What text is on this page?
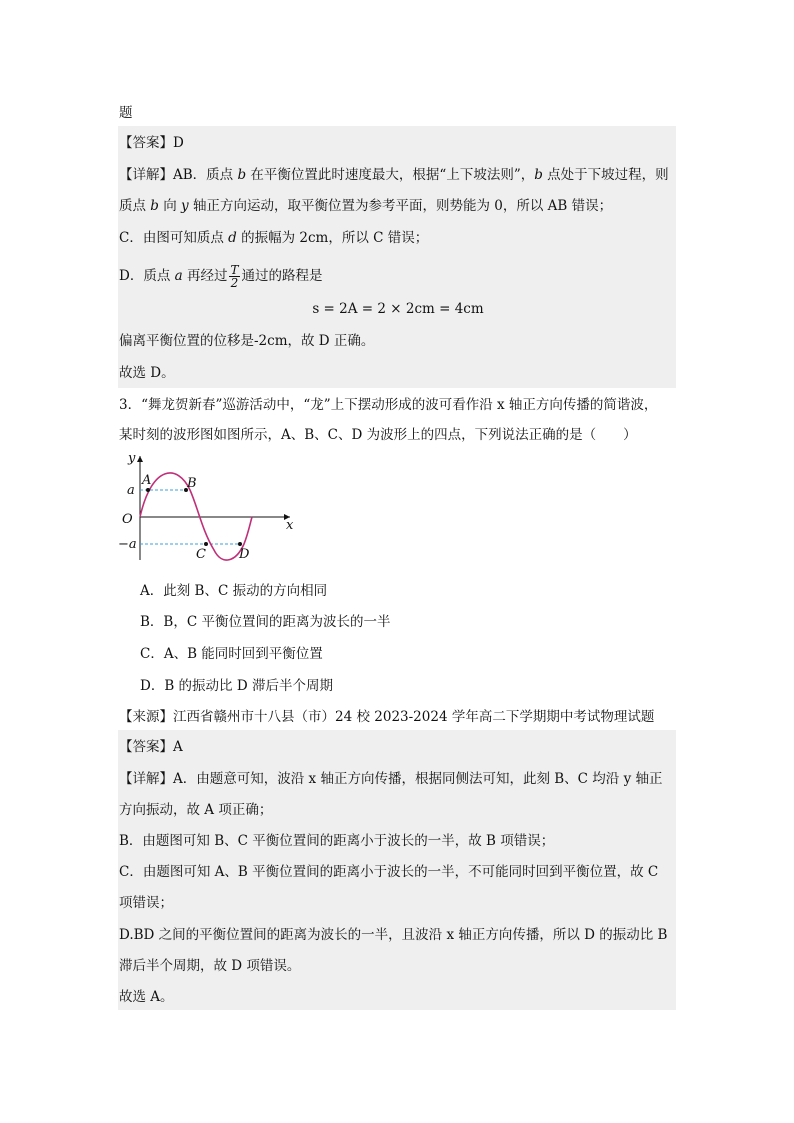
题
【答案】D
【详解】AB．质点 b 在平衡位置此时速度最大，根据“上下坡法则”，b 点处于下坡过程，则
质点 b 向 y 轴正方向运动，取平衡位置为参考平面，则势能为 0，所以 AB 错误；
C．由图可知质点 d 的振幅为 2cm，所以 C 错误；
D．质点 a 再经过 $\frac{T}{2}$ 通过的路程是
s = 2A = 2 × 2cm = 4cm
偏离平衡位置的位移是-2cm，故 D 正确。
故选 D。
3．“舞龙贺新春”巡游活动中，“龙”上下摆动形成的波可看作沿 x 轴正方向传播的简谐波，
某时刻的波形图如图所示，A、B、C、D 为波形上的四点，下列说法正确的是（　　）
y
x
O
a
−a
A	B
C	D
A．此刻 B、C 振动的方向相同
B．B，C 平衡位置间的距离为波长的一半
C．A、B 能同时回到平衡位置
D．B 的振动比 D 滞后半个周期
【来源】江西省赣州市十八县（市）24 校 2023-2024 学年高二下学期期中考试物理试题
【答案】A
【详解】A．由题意可知，波沿 x 轴正方向传播，根据同侧法可知，此刻 B、C 均沿 y 轴正
方向振动，故 A 项正确；
B．由题图可知 B、C 平衡位置间的距离小于波长的一半，故 B 项错误；
C．由题图可知 A、B 平衡位置间的距离小于波长的一半，不可能同时回到平衡位置，故 C
项错误；
D.BD 之间的平衡位置间的距离为波长的一半，且波沿 x 轴正方向传播，所以 D 的振动比 B
滞后半个周期，故 D 项错误。
故选 A。
